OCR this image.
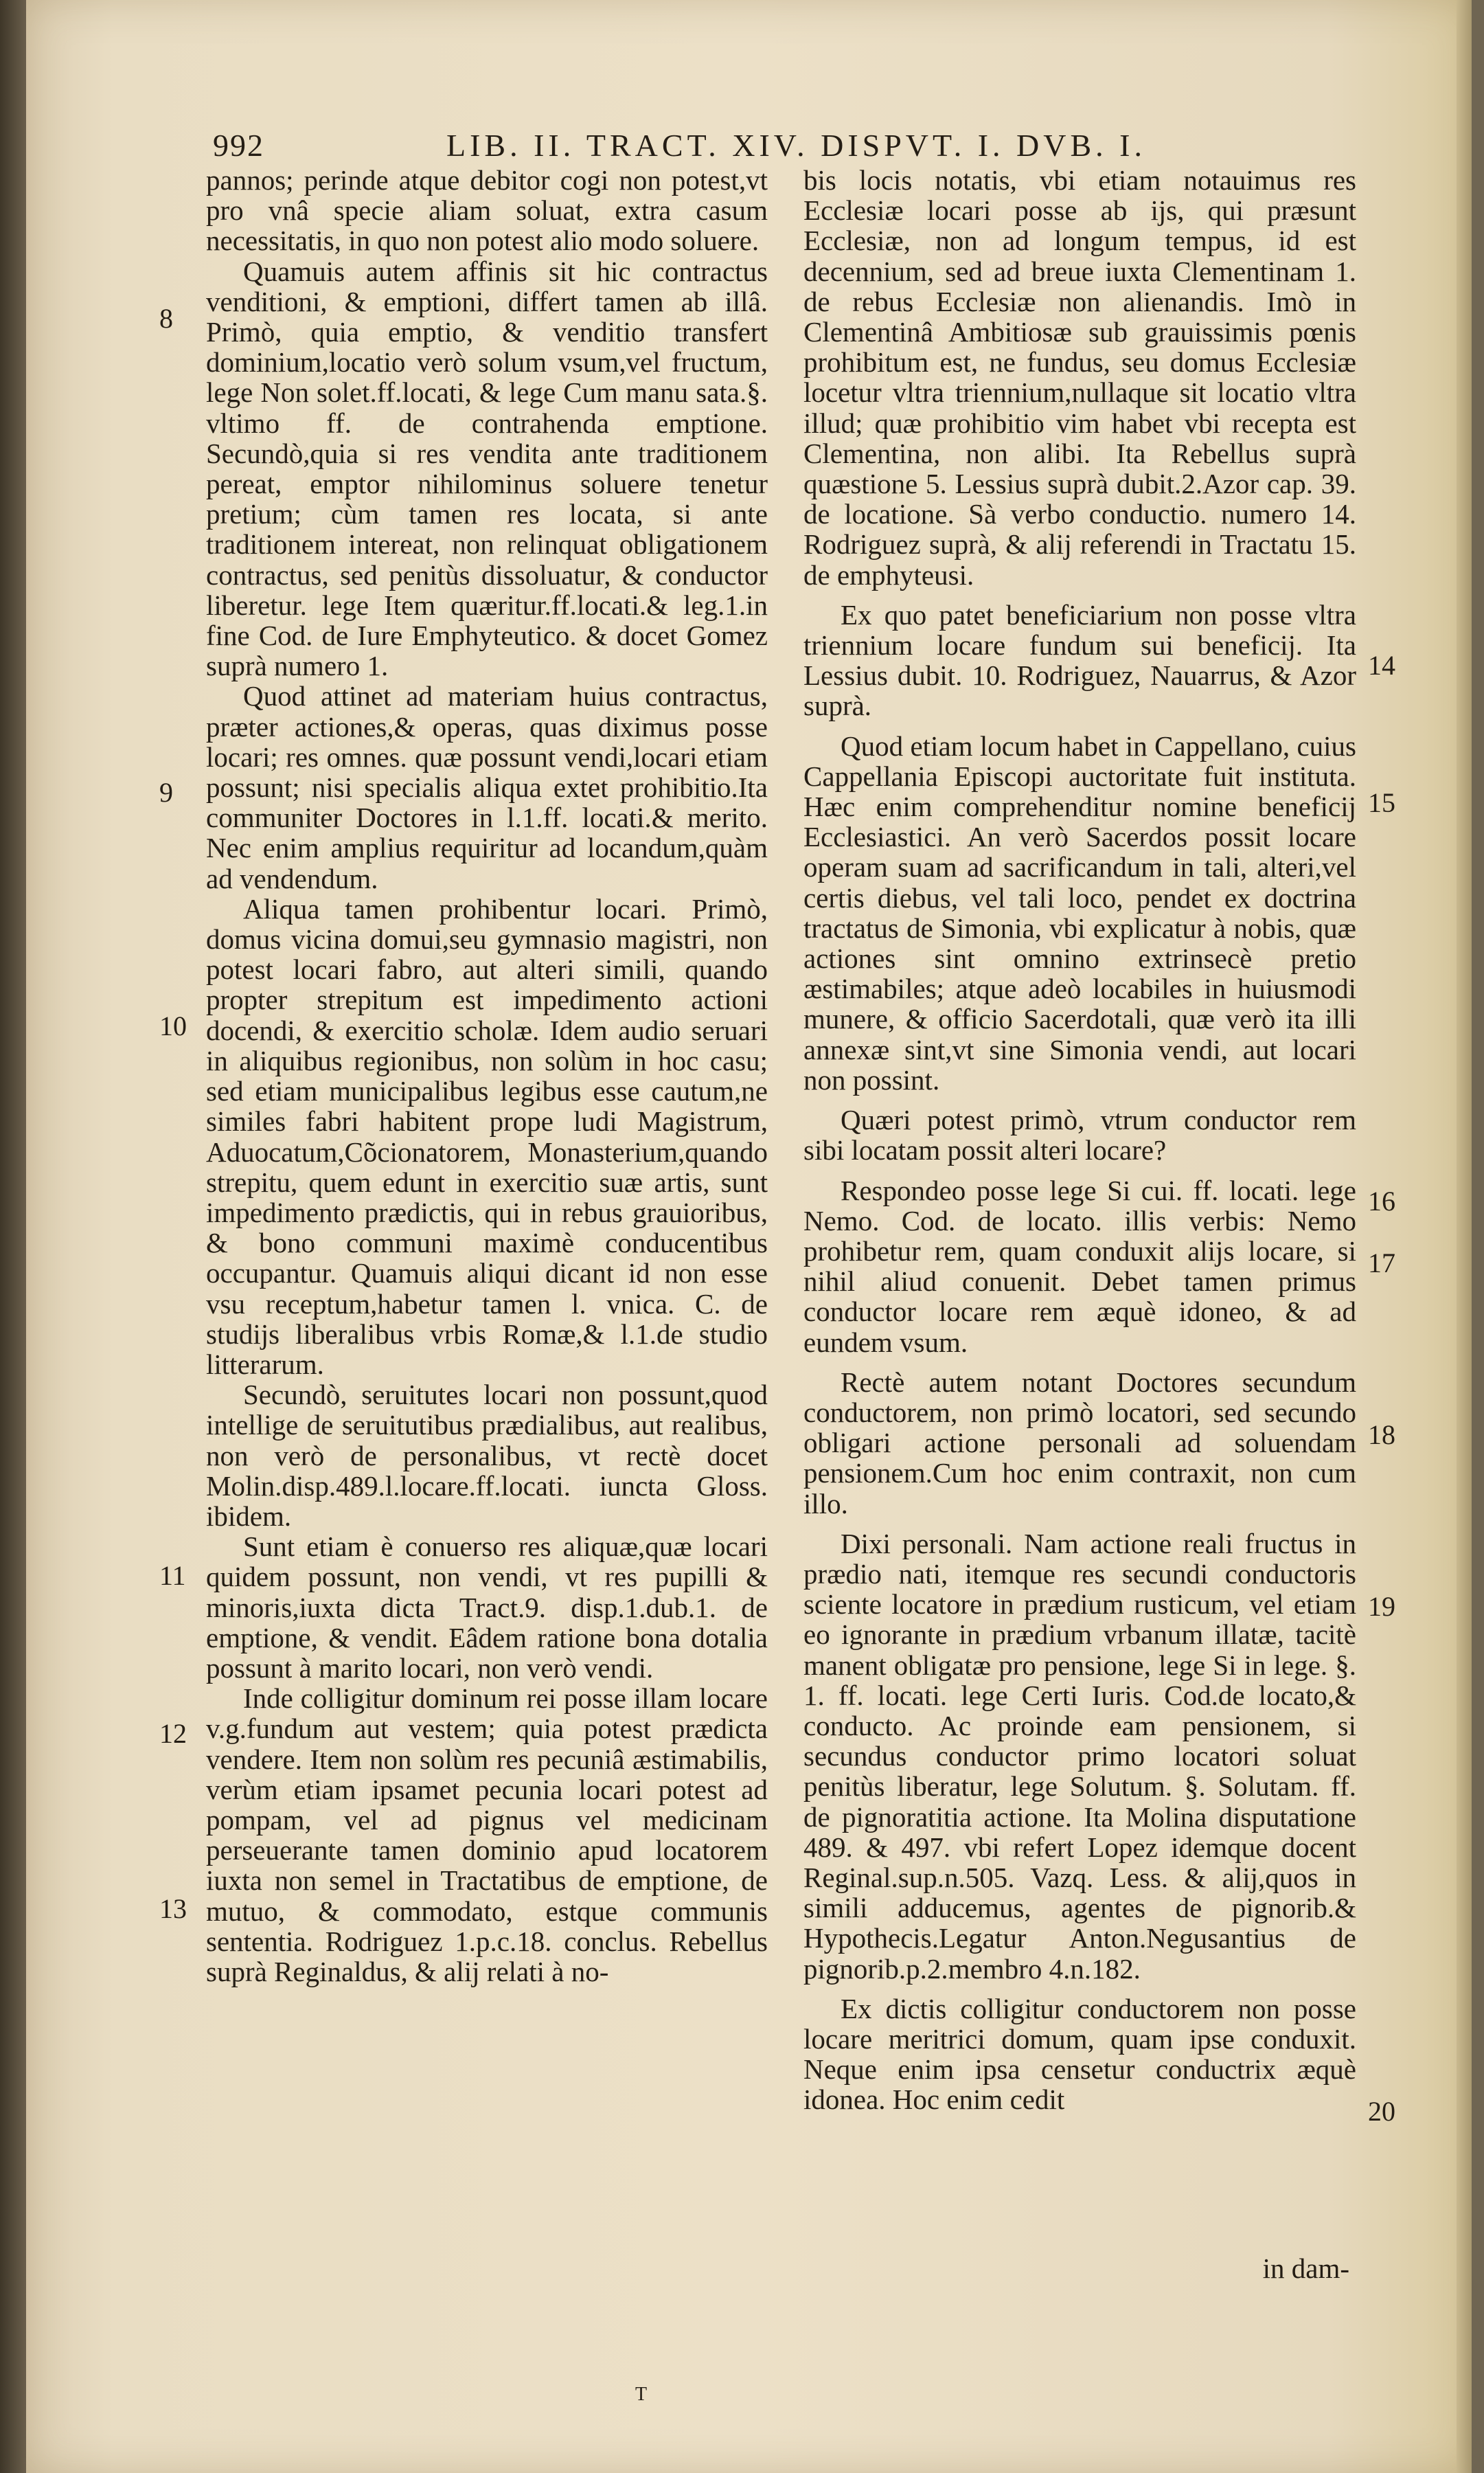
992	LIB. II. TRACT. XIV. DISPVT. I. DVB. I.

pannos; perinde atque debitor cogi non potest,vt pro vnâ specie aliam soluat, extra casum necessitatis, in quo non potest alio modo soluere.

Quamuis autem affinis sit hic contractus venditioni, & emptioni, differt tamen ab illâ. Primò, quia emptio, & venditio transfert dominium,locatio verò solum vsum,vel fructum, lege Non solet.ff.locati, & lege Cum manu sata.§. vltimo ff. de contrahenda emptione. Secundò,quia si res vendita ante traditionem pereat, emptor nihilominus soluere tenetur pretium; cùm tamen res locata, si ante traditionem intereat, non relinquat obligationem contractus, sed penitùs dissoluatur, & conductor liberetur. lege Item quæritur.ff.locati.& leg.1.in fine Cod. de Iure Emphyteutico. & docet Gomez suprà numero 1.

Quod attinet ad materiam huius contractus, præter actiones,& operas, quas diximus posse locari; res omnes. quæ possunt vendi,locari etiam possunt; nisi specialis aliqua extet prohibitio.Ita communiter Doctores in l.1.ff. locati.& merito. Nec enim amplius requiritur ad locandum,quàm ad vendendum.

Aliqua tamen prohibentur locari. Primò, domus vicina domui,seu gymnasio magistri, non potest locari fabro, aut alteri simili, quando propter strepitum est impedimento actioni docendi, & exercitio scholæ. Idem audio seruari in aliquibus regionibus, non solùm in hoc casu; sed etiam municipalibus legibus esse cautum,ne similes fabri habitent prope ludi Magistrum, Aduocatum,Cõcionatorem, Monasterium,quando strepitu, quem edunt in exercitio suæ artis, sunt impedimento prædictis, qui in rebus grauioribus, & bono communi maximè conducentibus occupantur. Quamuis aliqui dicant id non esse vsu receptum,habetur tamen l. vnica. C. de studijs liberalibus vrbis Romæ,& l.1.de studio litterarum.

Secundò, seruitutes locari non possunt,quod intellige de seruitutibus prædialibus, aut realibus, non verò de personalibus, vt rectè docet Molin.disp.489.l.locare.ff.locati. iuncta Gloss. ibidem.

Sunt etiam è conuerso res aliquæ,quæ locari quidem possunt, non vendi, vt res pupilli & minoris,iuxta dicta Tract.9. disp.1.dub.1. de emptione, & vendit. Eâdem ratione bona dotalia possunt à marito locari, non verò vendi.

Inde colligitur dominum rei posse illam locare v.g.fundum aut vestem; quia potest prædicta vendere. Item non solùm res pecuniâ æstimabilis, verùm etiam ipsamet pecunia locari potest ad pompam, vel ad pignus vel medicinam perseuerante tamen dominio apud locatorem iuxta non semel in Tractatibus de emptione, de mutuo, & commodato, estque communis sententia. Rodriguez 1.p.c.18. conclus. Rebellus suprà Reginaldus, & alij relati à no-

bis locis notatis, vbi etiam notauimus res Ecclesiæ locari posse ab ijs, qui præsunt Ecclesiæ, non ad longum tempus, id est decennium, sed ad breue iuxta Clementinam 1. de rebus Ecclesiæ non alienandis. Imò in Clementinâ Ambitiosæ sub grauissimis pœnis prohibitum est, ne fundus, seu domus Ecclesiæ locetur vltra triennium,nullaque sit locatio vltra illud; quæ prohibitio vim habet vbi recepta est Clementina, non alibi. Ita Rebellus suprà quæstione 5. Lessius suprà dubit.2.Azor cap. 39. de locatione. Sà verbo conductio. numero 14. Rodriguez suprà, & alij referendi in Tractatu 15. de emphyteusi.

Ex quo patet beneficiarium non posse vltra triennium locare fundum sui beneficij. Ita Lessius dubit. 10. Rodriguez, Nauarrus, & Azor suprà.

Quod etiam locum habet in Cappellano, cuius Cappellania Episcopi auctoritate fuit instituta. Hæc enim comprehenditur nomine beneficij Ecclesiastici. An verò Sacerdos possit locare operam suam ad sacrificandum in tali, alteri,vel certis diebus, vel tali loco, pendet ex doctrina tractatus de Simonia, vbi explicatur à nobis, quæ actiones sint omnino extrinsecè pretio æstimabiles; atque adeò locabiles in huiusmodi munere, & officio Sacerdotali, quæ verò ita illi annexæ sint,vt sine Simonia vendi, aut locari non possint.

Quæri potest primò, vtrum conductor rem sibi locatam possit alteri locare?

Respondeo posse lege Si cui. ff. locati. lege Nemo. Cod. de locato. illis verbis: Nemo prohibetur rem, quam conduxit alijs locare, si nihil aliud conuenit. Debet tamen primus conductor locare rem æquè idoneo, & ad eundem vsum.

Rectè autem notant Doctores secundum conductorem, non primò locatori, sed secundo obligari actione personali ad soluendam pensionem.Cum hoc enim contraxit, non cum illo.

Dixi personali. Nam actione reali fructus in prædio nati, itemque res secundi conductoris sciente locatore in prædium rusticum, vel etiam eo ignorante in prædium vrbanum illatæ, tacitè manent obligatæ pro pensione, lege Si in lege. §. 1. ff. locati. lege Certi Iuris. Cod.de locato,& conducto. Ac proinde eam pensionem, si secundus conductor primo locatori soluat penitùs liberatur, lege Solutum. §. Solutam. ff. de pignoratitia actione. Ita Molina disputatione 489. & 497. vbi refert Lopez idemque docent Reginal.sup.n.505. Vazq. Less. & alij,quos in simili adducemus, agentes de pignorib.& Hypothecis.Legatur Anton.Negusantius de pignorib.p.2.membro 4.n.182.

Ex dictis colligitur conductorem non posse locare meritrici domum, quam ipse conduxit. Neque enim ipsa censetur conductrix æquè idonea. Hoc enim cedit

8
9
10
11
12
13
14
15
16
17
18
19
20
in dam-
T
